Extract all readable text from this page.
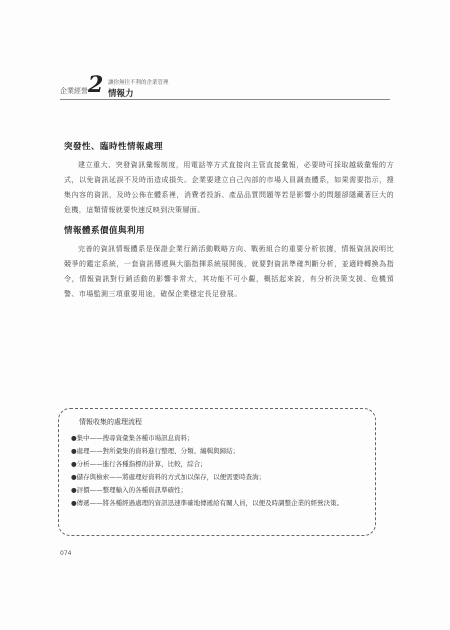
企業經營 2 讓你無往不利的企業管理
情報力

突發性、臨時性情報處理

建立重大、突發資訊彙報制度，用電話等方式直接向主管直接彙報，必要時可採取越級彙報的方式，以免資訊延誤不及時而造成損失。企業要建立自己內部的市場人員調查體系，如果需要指示，搜集內容的資訊，及時公佈在體系裡，消費者投訴、產品品質問題等若是影響小的問題卻隱藏著巨大的危機，這類情報就要快速反映到決策層面。

情報體系價值與利用

完善的資訊情報體系是保證企業行銷活動戰略方向、戰術組合的重要分析依據，情報資訊說明比競爭的鑑定系統，一套資訊傳遞與大腦指揮系統展開後，就要對資訊準確判斷分析，並適時轉換為指令，情報資訊對行銷活動的影響非常大，其功能不可小覷，概括起來說，有分析決策支援、危機預警、市場監測三項重要用途，確保企業穩定長足發展。

情報收集的處理流程

●集中——搜尋資彙集各種市場訊息資料；
●處理——對所彙集的資料進行整理、分類、編輯與歸結；
●分析——進行各種指標的計算，比較，綜合；
●儲存與檢索——將處理好資料的方式加以保存，以便需要時查詢；
●評價——整理輸入的各種資訊準確性；
●傳遞——將各種經過處理的資訊迅速準確地傳遞給有關人員，以便及時調整企業的經營決策。
074
